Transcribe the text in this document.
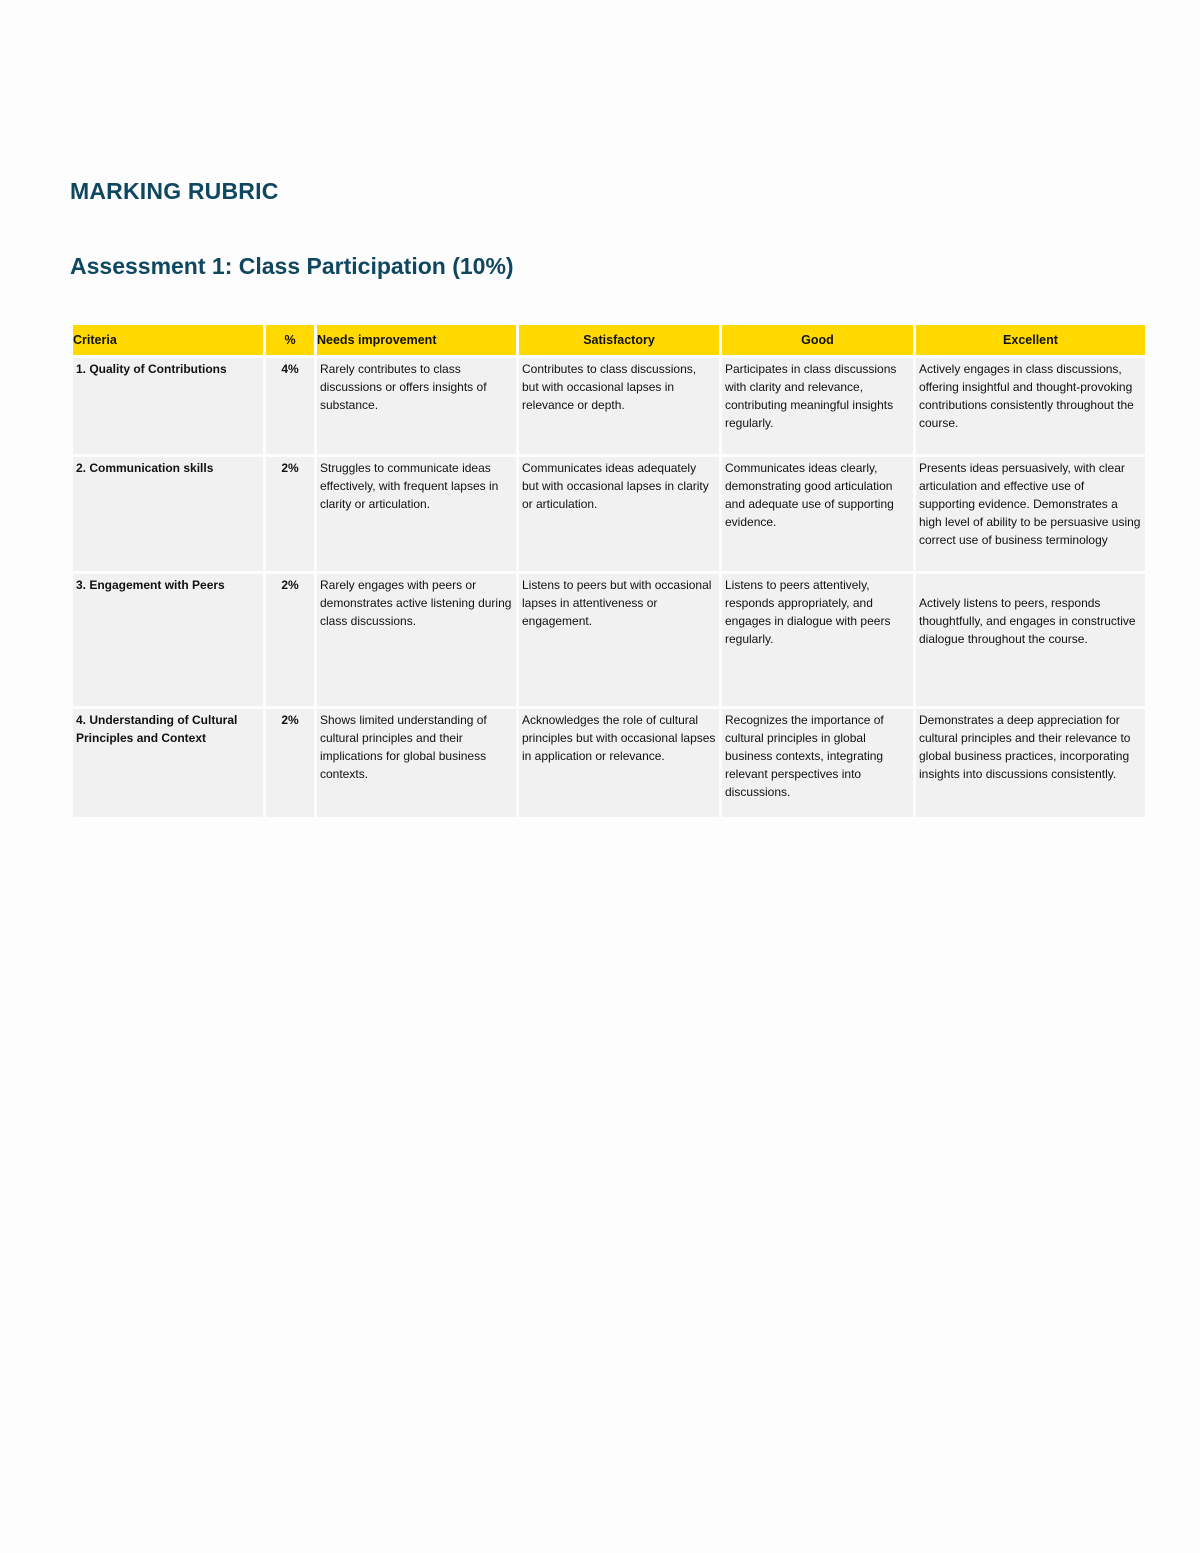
MARKING RUBRIC
Assessment 1: Class Participation (10%)
Criteria	%	Needs improvement	Satisfactory	Good	Excellent
1. Quality of Contributions	4%	Rarely contributes to class discussions or offers insights of substance.	Contributes to class discussions, but with occasional lapses in relevance or depth.	Participates in class discussions with clarity and relevance, contributing meaningful insights regularly.	Actively engages in class discussions, offering insightful and thought-provoking contributions consistently throughout the course.
2. Communication skills	2%	Struggles to communicate ideas effectively, with frequent lapses in clarity or articulation.	Communicates ideas adequately but with occasional lapses in clarity or articulation.	Communicates ideas clearly, demonstrating good articulation and adequate use of supporting evidence.	Presents ideas persuasively, with clear articulation and effective use of supporting evidence. Demonstrates a high level of ability to be persuasive using correct use of business terminology
3. Engagement with Peers	2%	Rarely engages with peers or demonstrates active listening during class discussions.	Listens to peers but with occasional lapses in attentiveness or engagement.	Listens to peers attentively, responds appropriately, and engages in dialogue with peers regularly.	Actively listens to peers, responds thoughtfully, and engages in constructive dialogue throughout the course.
4. Understanding of Cultural Principles and Context	2%	Shows limited understanding of cultural principles and their implications for global business contexts.	Acknowledges the role of cultural principles but with occasional lapses in application or relevance.	Recognizes the importance of cultural principles in global business contexts, integrating relevant perspectives into discussions.	Demonstrates a deep appreciation for cultural principles and their relevance to global business practices, incorporating insights into discussions consistently.
